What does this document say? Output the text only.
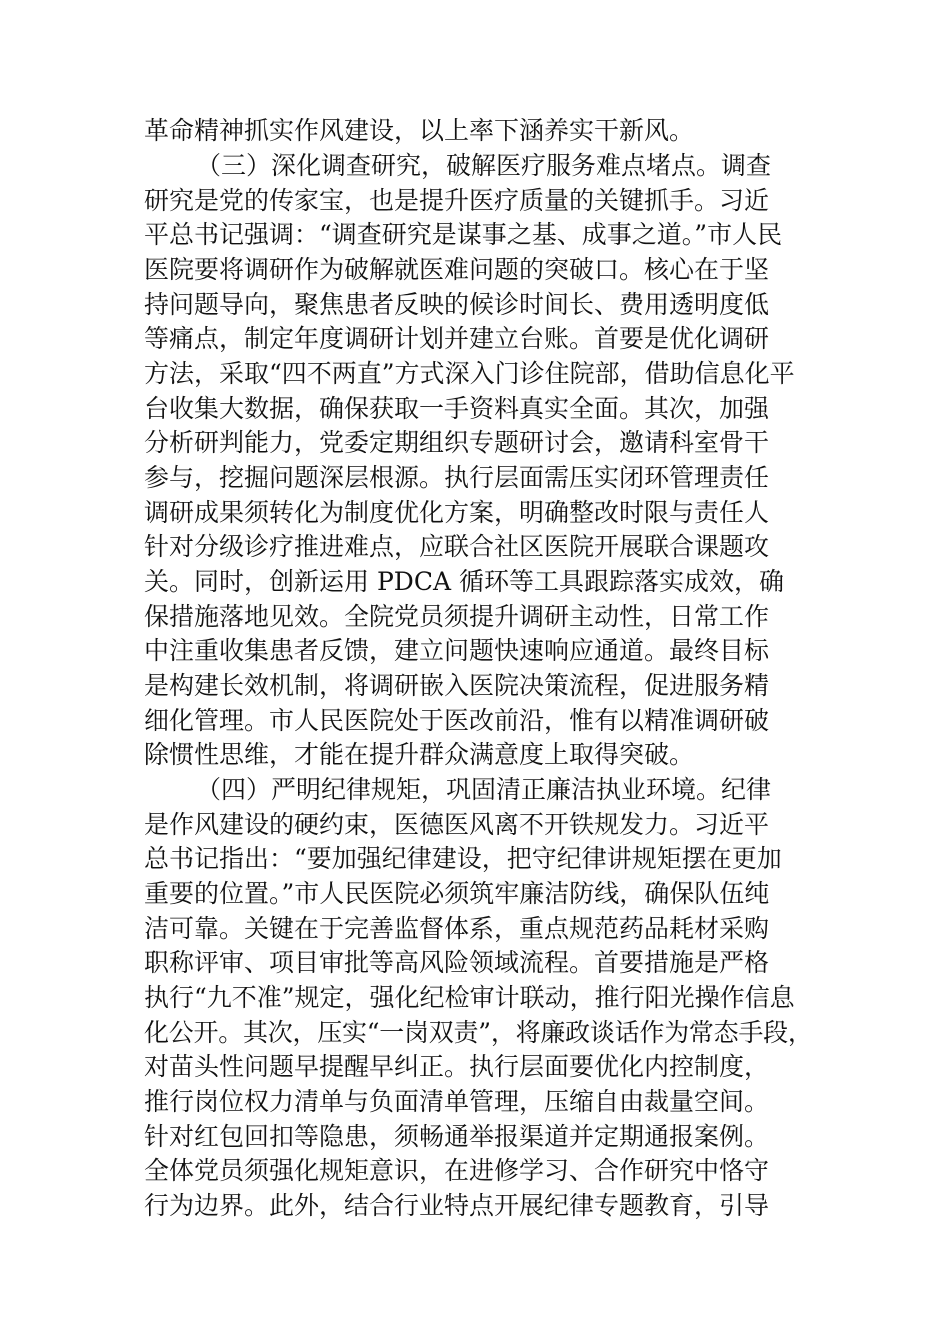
革命精神抓实作风建设，以上率下涵养实干新风。
（三）深化调查研究，破解医疗服务难点堵点。调查
研究是党的传家宝，也是提升医疗质量的关键抓手。习近
平总书记强调：“调查研究是谋事之基、成事之道。”市人民
医院要将调研作为破解就医难问题的突破口。核心在于坚
持问题导向，聚焦患者反映的候诊时间长、费用透明度低
等痛点，制定年度调研计划并建立台账。首要是优化调研
方法，采取“四不两直”方式深入门诊住院部，借助信息化平
台收集大数据，确保获取一手资料真实全面。其次，加强
分析研判能力，党委定期组织专题研讨会，邀请科室骨干
参与，挖掘问题深层根源。执行层面需压实闭环管理责任
调研成果须转化为制度优化方案，明确整改时限与责任人
针对分级诊疗推进难点，应联合社区医院开展联合课题攻
关。同时，创新运用 PDCA 循环等工具跟踪落实成效，确
保措施落地见效。全院党员须提升调研主动性，日常工作
中注重收集患者反馈，建立问题快速响应通道。最终目标
是构建长效机制，将调研嵌入医院决策流程，促进服务精
细化管理。市人民医院处于医改前沿，惟有以精准调研破
除惯性思维，才能在提升群众满意度上取得突破。
（四）严明纪律规矩，巩固清正廉洁执业环境。纪律
是作风建设的硬约束，医德医风离不开铁规发力。习近平
总书记指出：“要加强纪律建设，把守纪律讲规矩摆在更加
重要的位置。”市人民医院必须筑牢廉洁防线，确保队伍纯
洁可靠。关键在于完善监督体系，重点规范药品耗材采购
职称评审、项目审批等高风险领域流程。首要措施是严格
执行“九不准”规定，强化纪检审计联动，推行阳光操作信息
化公开。其次，压实“一岗双责”，将廉政谈话作为常态手段，
对苗头性问题早提醒早纠正。执行层面要优化内控制度，
推行岗位权力清单与负面清单管理，压缩自由裁量空间。
针对红包回扣等隐患，须畅通举报渠道并定期通报案例。
全体党员须强化规矩意识，在进修学习、合作研究中恪守
行为边界。此外，结合行业特点开展纪律专题教育，引导
